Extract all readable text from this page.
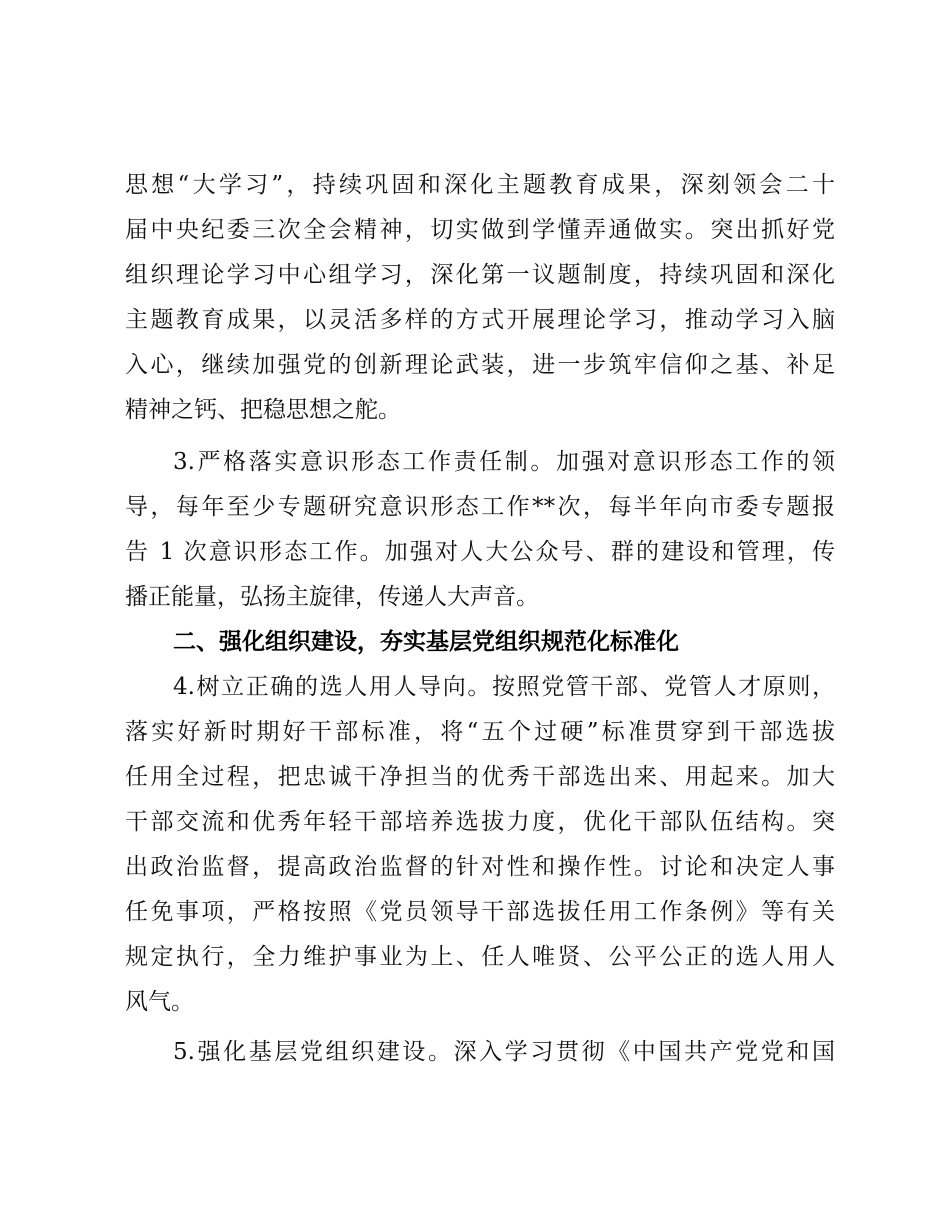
思想“大学习”，持续巩固和深化主题教育成果，深刻领会二十
届中央纪委三次全会精神，切实做到学懂弄通做实。突出抓好党
组织理论学习中心组学习，深化第一议题制度，持续巩固和深化
主题教育成果，以灵活多样的方式开展理论学习，推动学习入脑
入心，继续加强党的创新理论武装，进一步筑牢信仰之基、补足
精神之钙、把稳思想之舵。
3.严格落实意识形态工作责任制。加强对意识形态工作的领
导，每年至少专题研究意识形态工作**次，每半年向市委专题报
告 1 次意识形态工作。加强对人大公众号、群的建设和管理，传
播正能量，弘扬主旋律，传递人大声音。
二、强化组织建设，夯实基层党组织规范化标准化
4.树立正确的选人用人导向。按照党管干部、党管人才原则，
落实好新时期好干部标准，将“五个过硬”标准贯穿到干部选拔
任用全过程，把忠诚干净担当的优秀干部选出来、用起来。加大
干部交流和优秀年轻干部培养选拔力度，优化干部队伍结构。突
出政治监督，提高政治监督的针对性和操作性。讨论和决定人事
任免事项，严格按照《党员领导干部选拔任用工作条例》等有关
规定执行，全力维护事业为上、任人唯贤、公平公正的选人用人
风气。
5.强化基层党组织建设。深入学习贯彻《中国共产党党和国
